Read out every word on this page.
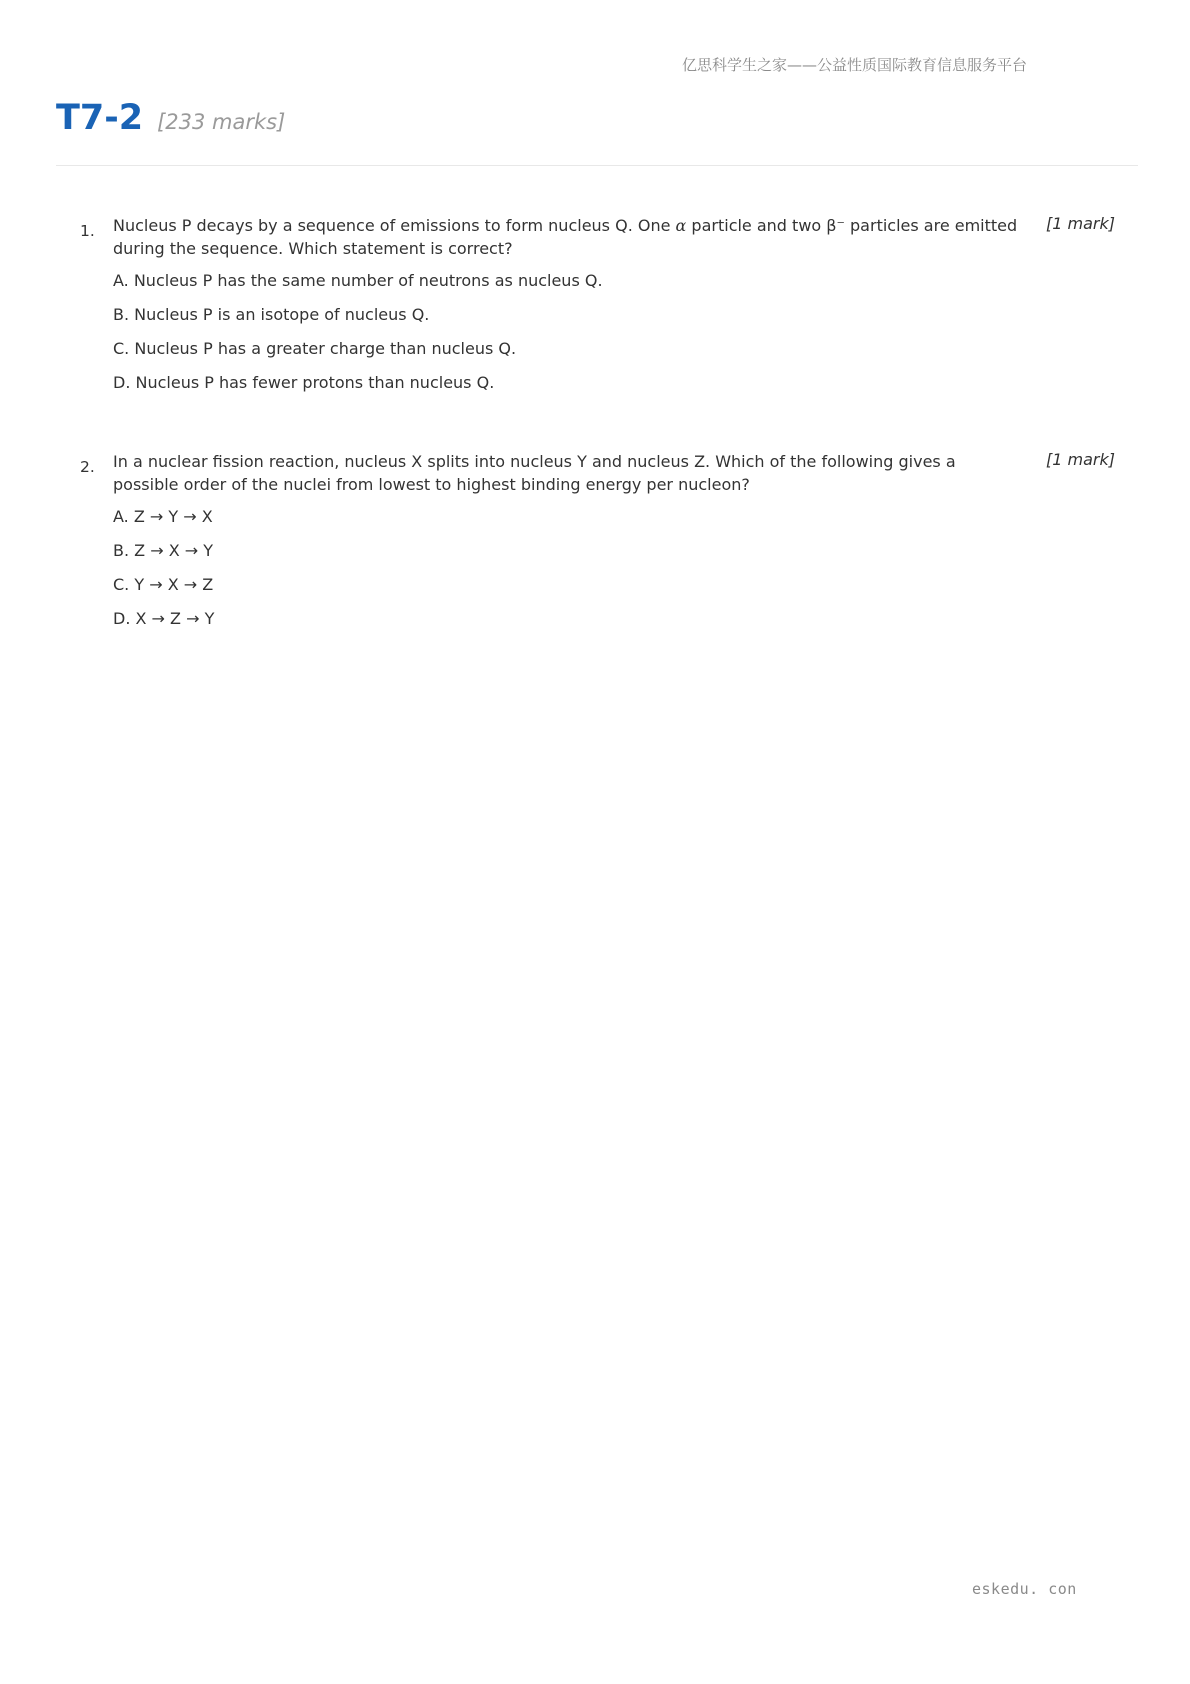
亿思科学生之家——公益性质国际教育信息服务平台
T7-2 [233 marks]
1.	[1 mark]
Nucleus P decays by a sequence of emissions to form nucleus Q. One α particle and two β⁻ particles are emitted during the sequence. Which statement is correct?
A. Nucleus P has the same number of neutrons as nucleus Q.
B. Nucleus P is an isotope of nucleus Q.
C. Nucleus P has a greater charge than nucleus Q.
D. Nucleus P has fewer protons than nucleus Q.
2.	[1 mark]
In a nuclear fission reaction, nucleus X splits into nucleus Y and nucleus Z. Which of the following gives a possible order of the nuclei from lowest to highest binding energy per nucleon?
A. Z → Y → X
B. Z → X → Y
C. Y → X → Z
D. X → Z → Y
eskedu. con
